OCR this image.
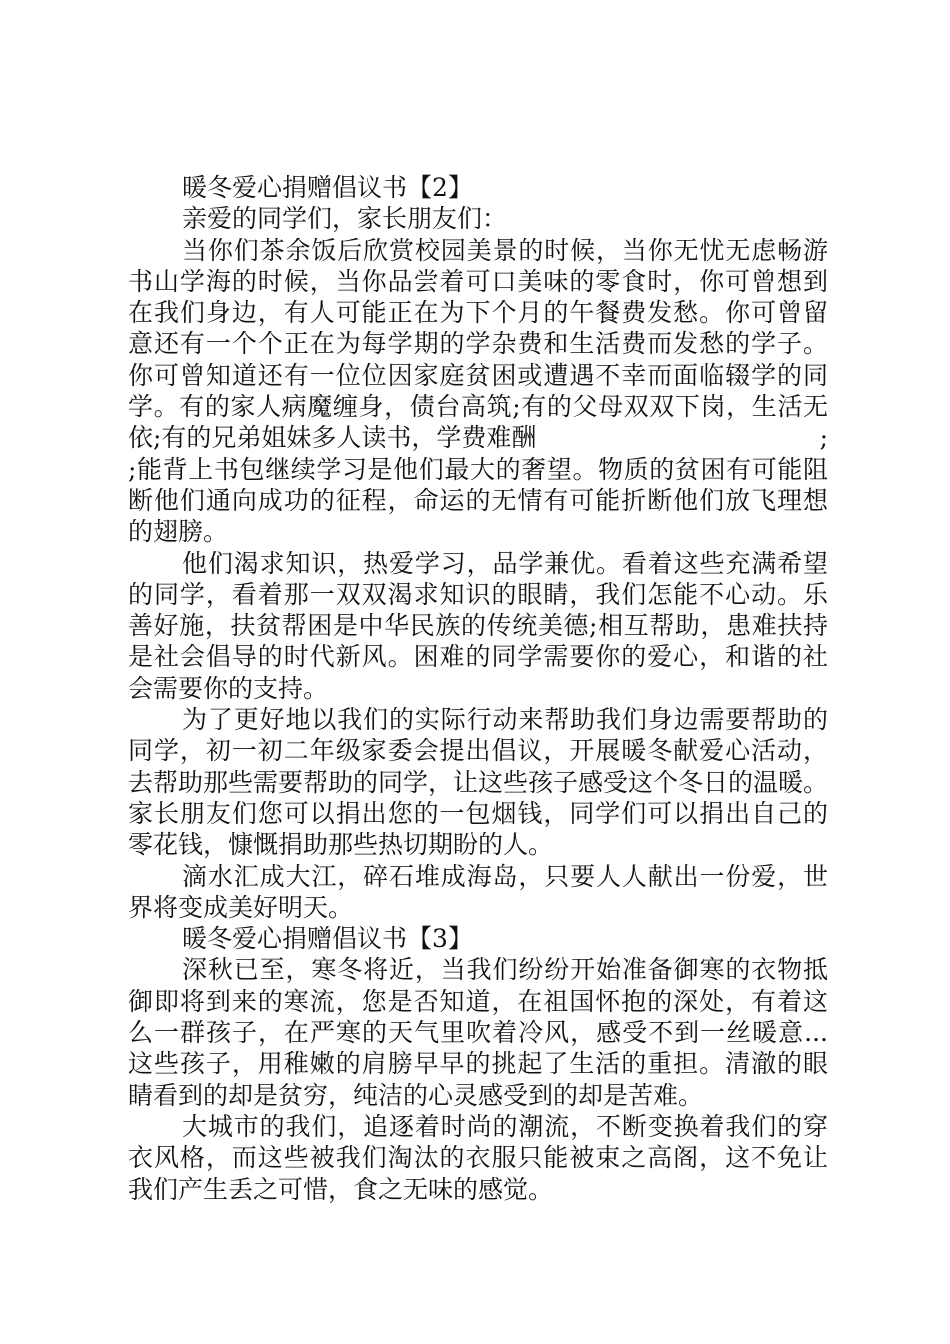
暖冬爱心捐赠倡议书【2】
亲爱的同学们，家长朋友们：
当你们茶余饭后欣赏校园美景的时候，当你无忧无虑畅游
书山学海的时候，当你品尝着可口美味的零食时，你可曾想到
在我们身边，有人可能正在为下个月的午餐费发愁。你可曾留
意还有一个个正在为每学期的学杂费和生活费而发愁的学子。
你可曾知道还有一位位因家庭贫困或遭遇不幸而面临辍学的同
学。有的家人病魔缠身，债台高筑;有的父母双双下岗，生活无
依;有的兄弟姐妹多人读书，学费难酬	;
;能背上书包继续学习是他们最大的奢望。物质的贫困有可能阻
断他们通向成功的征程，命运的无情有可能折断他们放飞理想
的翅膀。
他们渴求知识，热爱学习，品学兼优。看着这些充满希望
的同学，看着那一双双渴求知识的眼睛，我们怎能不心动。乐
善好施，扶贫帮困是中华民族的传统美德;相互帮助，患难扶持
是社会倡导的时代新风。困难的同学需要你的爱心，和谐的社
会需要你的支持。
为了更好地以我们的实际行动来帮助我们身边需要帮助的
同学，初一初二年级家委会提出倡议，开展暖冬献爱心活动，
去帮助那些需要帮助的同学，让这些孩子感受这个冬日的温暖。
家长朋友们您可以捐出您的一包烟钱，同学们可以捐出自己的
零花钱，慷慨捐助那些热切期盼的人。
滴水汇成大江，碎石堆成海岛，只要人人献出一份爱，世
界将变成美好明天。
暖冬爱心捐赠倡议书【3】
深秋已至，寒冬将近，当我们纷纷开始准备御寒的衣物抵
御即将到来的寒流，您是否知道，在祖国怀抱的深处，有着这
么一群孩子，在严寒的天气里吹着冷风，感受不到一丝暖意...
这些孩子，用稚嫩的肩膀早早的挑起了生活的重担。清澈的眼
睛看到的却是贫穷，纯洁的心灵感受到的却是苦难。
大城市的我们，追逐着时尚的潮流，不断变换着我们的穿
衣风格，而这些被我们淘汰的衣服只能被束之高阁，这不免让
我们产生丢之可惜，食之无味的感觉。
